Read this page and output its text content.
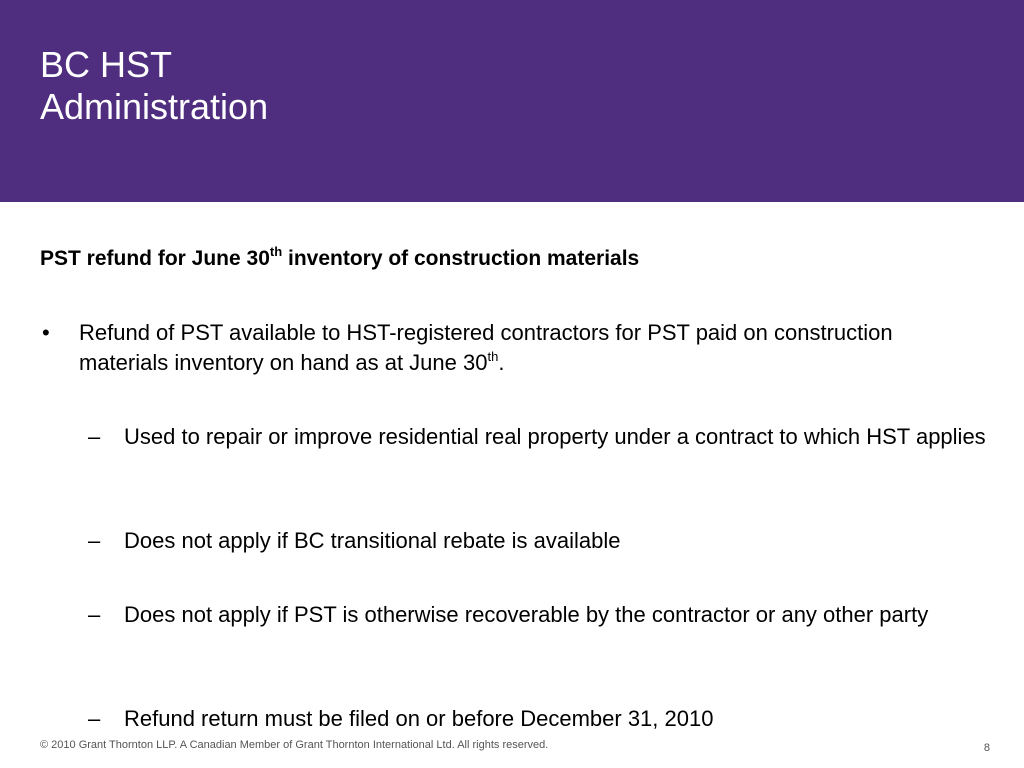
BC HST
Administration

PST refund for June 30th inventory of construction materials

• Refund of PST available to HST-registered contractors for PST paid on construction materials inventory on hand as at June 30th.
– Used to repair or improve residential real property under a contract to which HST applies
– Does not apply if BC transitional rebate is available
– Does not apply if PST is otherwise recoverable by the contractor or any other party
– Refund return must be filed on or before December 31, 2010
© 2010 Grant Thornton LLP. A Canadian Member of Grant Thornton International Ltd. All rights reserved.	8
